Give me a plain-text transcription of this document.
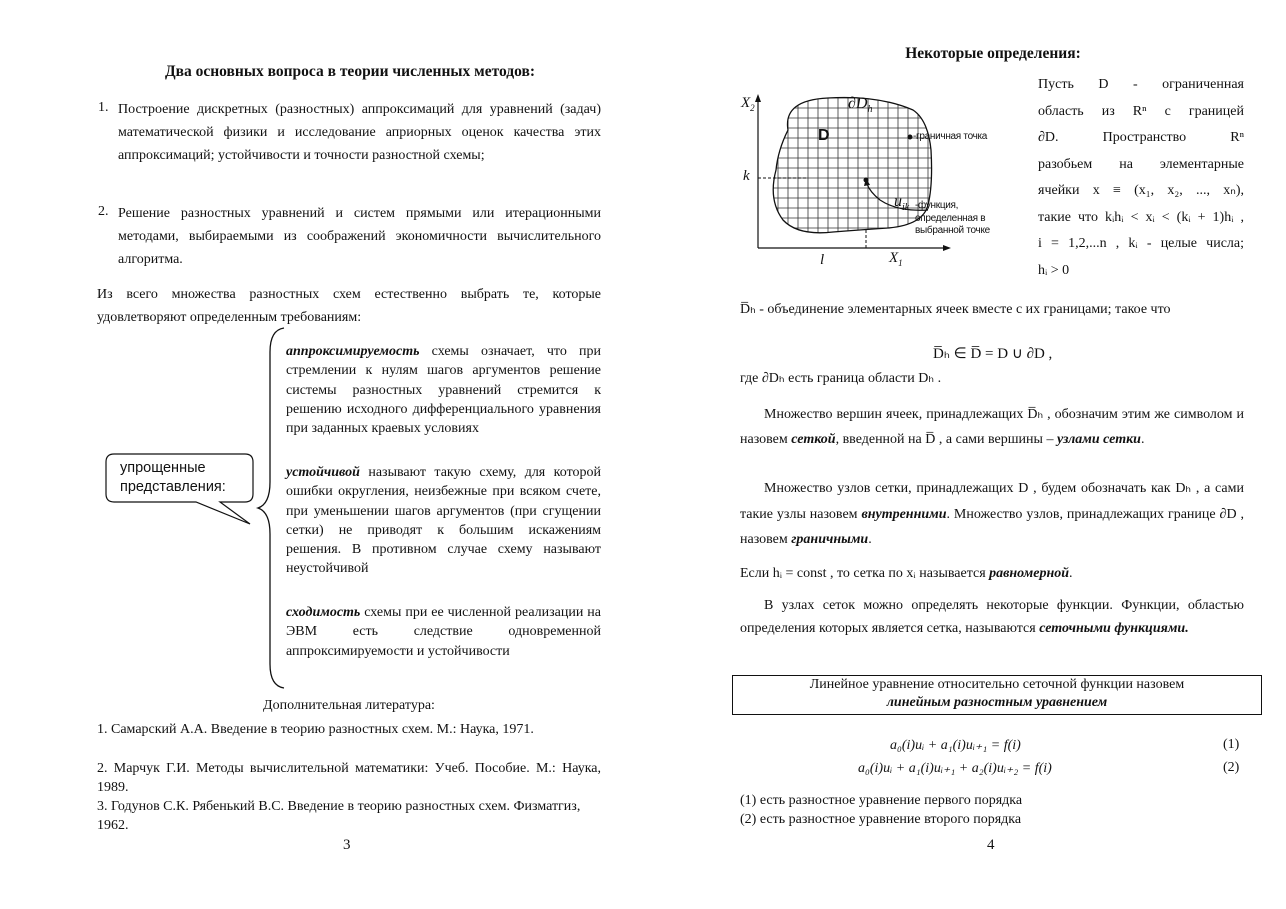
Два основных вопроса в теории численных методов:
1. Построение дискретных (разностных) аппроксимаций для уравнений (задач) математической физики и исследование априорных оценок качества этих аппроксимаций; устойчивости и точности разностной схемы;
2. Решение разностных уравнений и систем прямыми или итерационными методами, выбираемыми из соображений экономичности вычислительного алгоритма.
Из всего множества разностных схем естественно выбрать те, которые удовлетворяют определенным требованиям:
упрощенные представления:
аппроксимируемость схемы означает, что при стремлении к нулям шагов аргументов решение системы разностных уравнений стремится к решению исходного дифференциального уравнения при заданных краевых условиях
устойчивой называют такую схему, для которой ошибки округления, неизбежные при всяком счете, при уменьшении шагов аргументов (при сгущении сетки) не приводят к большим искажениям решения. В противном случае схему называют неустойчивой
сходимость схемы при ее численной реализации на ЭВМ есть следствие одновременной аппроксимируемости и устойчивости
Дополнительная литература:
1. Самарский А.А. Введение в теорию разностных схем. М.: Наука, 1971.
2. Марчук Г.И. Методы вычислительной математики: Учеб. Пособие. М.: Наука, 1989.
3. Годунов С.К. Рябенький В.С. Введение в теорию разностных схем. Физматгиз, 1962.
3
Некоторые определения:
$X_2$
$X_1$
k
l
D
$\partial D_h$
-граничная точка
$u_{ik}$ -функция,
определенная в
выбранной точке
Пусть D - ограниченная
область из Rⁿ с границей
∂D. Пространство Rⁿ
разобьем на элементарные
ячейки x ≡ (x₁, x₂, ..., xₙ),
такие что kᵢhᵢ < xᵢ < (kᵢ + 1)hᵢ ,
i = 1,2,...n , kᵢ - целые числа;
hᵢ > 0
D̅ₕ - объединение элементарных ячеек вместе с их границами; такое что
D̅ₕ ∈ D̅ = D ∪ ∂D ,
где ∂Dₕ есть граница области Dₕ .
Множество вершин ячеек, принадлежащих D̅ₕ , обозначим этим же символом и назовем сеткой, введенной на D̅ , а сами вершины – узлами сетки.
Множество узлов сетки, принадлежащих D , будем обозначать как Dₕ , а сами такие узлы назовем внутренними. Множество узлов, принадлежащих границе ∂D , назовем граничными.
Если hᵢ = const , то сетка по xᵢ называется равномерной.
В узлах сеток можно определять некоторые функции. Функции, областью определения которых является сетка, называются сеточными функциями.
Линейное уравнение относительно сеточной функции назовем
линейным разностным уравнением
a₀(i)uᵢ + a₁(i)uᵢ₊₁ = f(i)	(1)
a₀(i)uᵢ + a₁(i)uᵢ₊₁ + a₂(i)uᵢ₊₂ = f(i)	(2)
(1) есть разностное уравнение первого порядка
(2) есть разностное уравнение второго порядка
4
